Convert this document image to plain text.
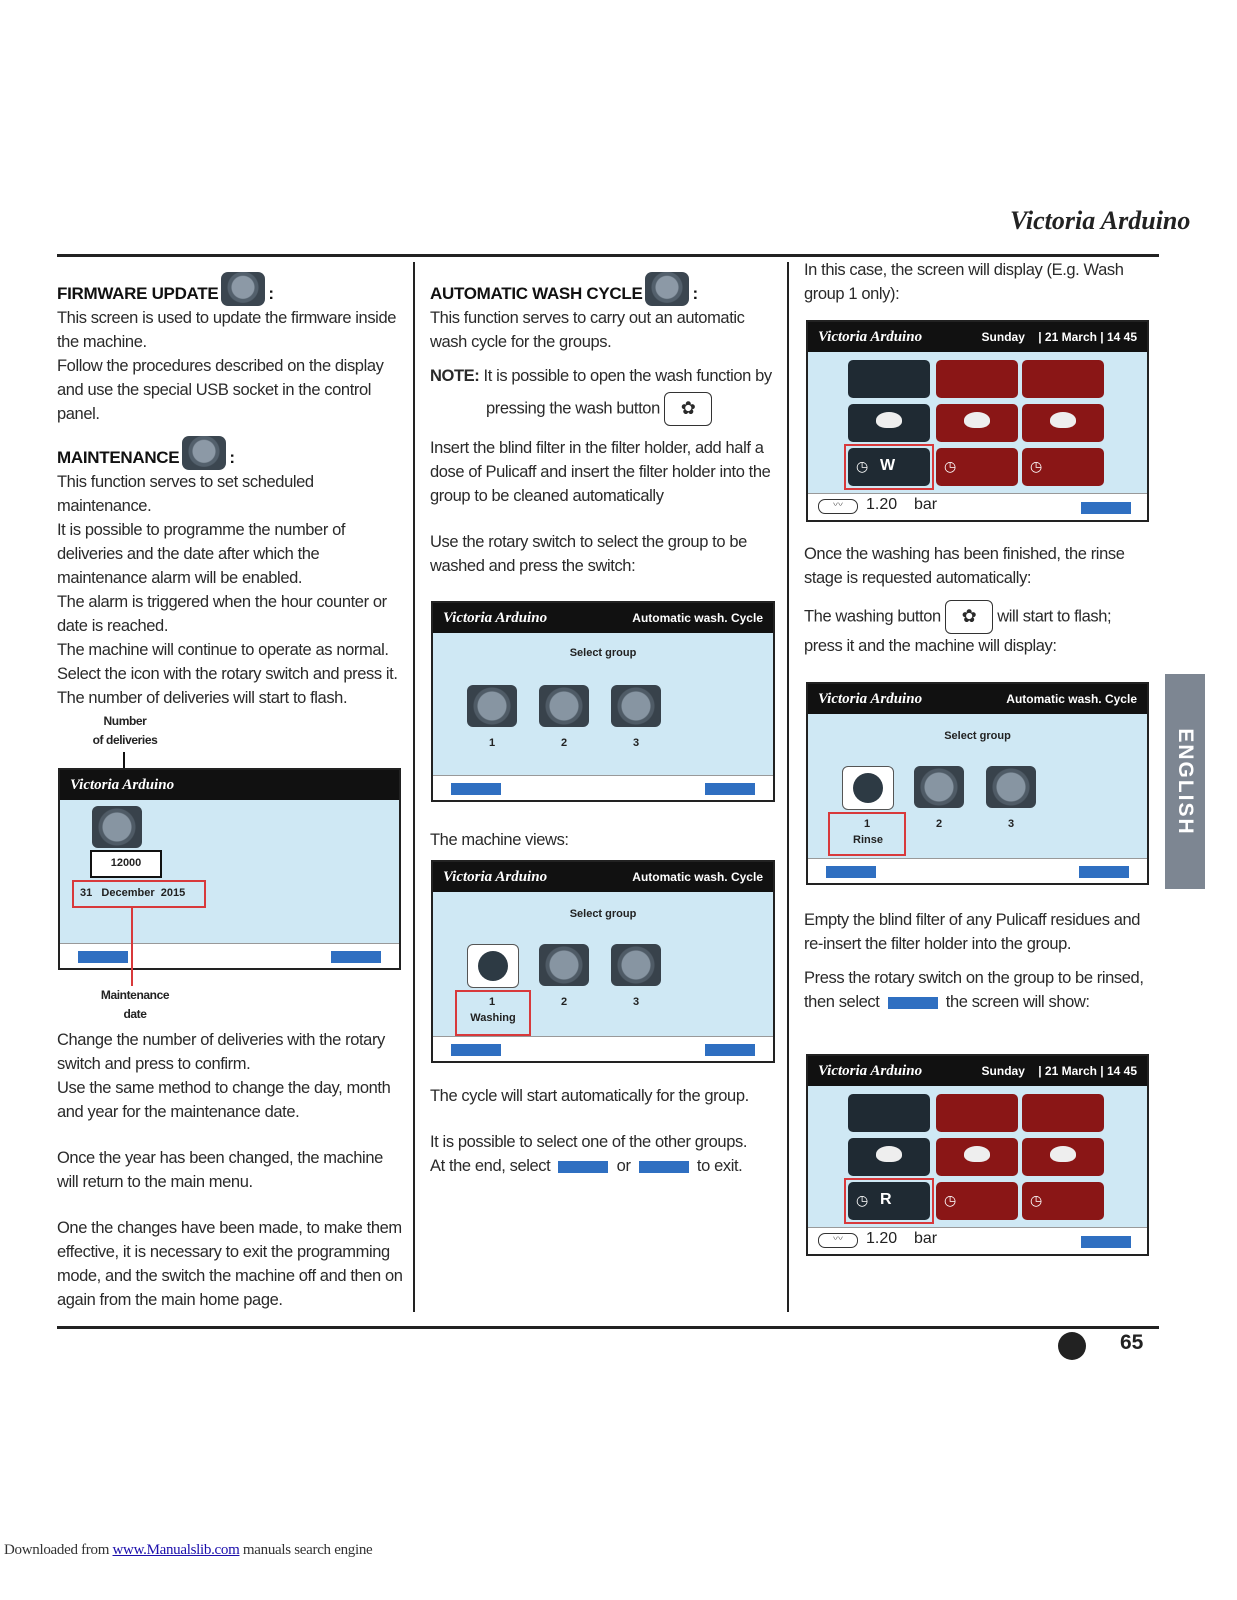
Victoria Arduino
ENGLISH

FIRMWARE UPDATE	:

This screen is used to update the firmware inside the machine.

Follow the procedures described on the display and use the special USB socket in the control panel.

MAINTENANCE	:

This function serves to set scheduled maintenance.

It is possible to programme the number of deliveries and the date after which the maintenance alarm will be enabled.

The alarm is triggered when the hour counter or date is reached.

The machine will continue to operate as normal.

Select the icon with the rotary switch and press it. The number of deliveries will start to flash.

Number
of deliveries
Victoria Arduino
12000
31   December  2015
Maintenance
date

Change the number of deliveries with the rotary switch and press to confirm.

Use the same method to change the day, month and year for the maintenance date.

Once the year has been changed, the machine will return to the main menu.

One the changes have been made, to make them effective, it is necessary to exit the programming mode, and the switch the machine off and then on again from the main home page.

AUTOMATIC WASH CYCLE	:

This function serves to carry out an automatic wash cycle for the groups.

NOTE: It is possible to open the wash function by

pressing the wash button ✿

Insert the blind filter in the filter holder, add half a dose of Pulicaff and insert the filter holder into the group to be cleaned automatically

Use the rotary switch to select the group to be washed and press the switch:

Victoria Arduino	Automatic wash. Cycle
Select group
1	2	3

The machine views:

Victoria Arduino	Automatic wash. Cycle
Select group
1
Washing
2	3

The cycle will start automatically for the group.

It is possible to select one of the other groups.

At the end, select	or	to exit.

In this case, the screen will display (E.g. Wash group 1 only):

Victoria Arduino	Sunday    | 21 March | 14 45
◷ W	◷	◷
〰	1.20 bar

Once the washing has been finished, the rinse stage is requested automatically:

The washing button ✿ will start to flash; press it and the machine will display:

Victoria Arduino	Automatic wash. Cycle
Select group
1
Rinse
2	3

Empty the blind filter of any Pulicaff residues and re-insert the filter holder into the group.

Press the rotary switch on the group to be rinsed, then select	the screen will show:

Victoria Arduino	Sunday    | 21 March | 14 45
◷ R	◷	◷
〰	1.20 bar
65
Downloaded from www.Manualslib.com manuals search engine
